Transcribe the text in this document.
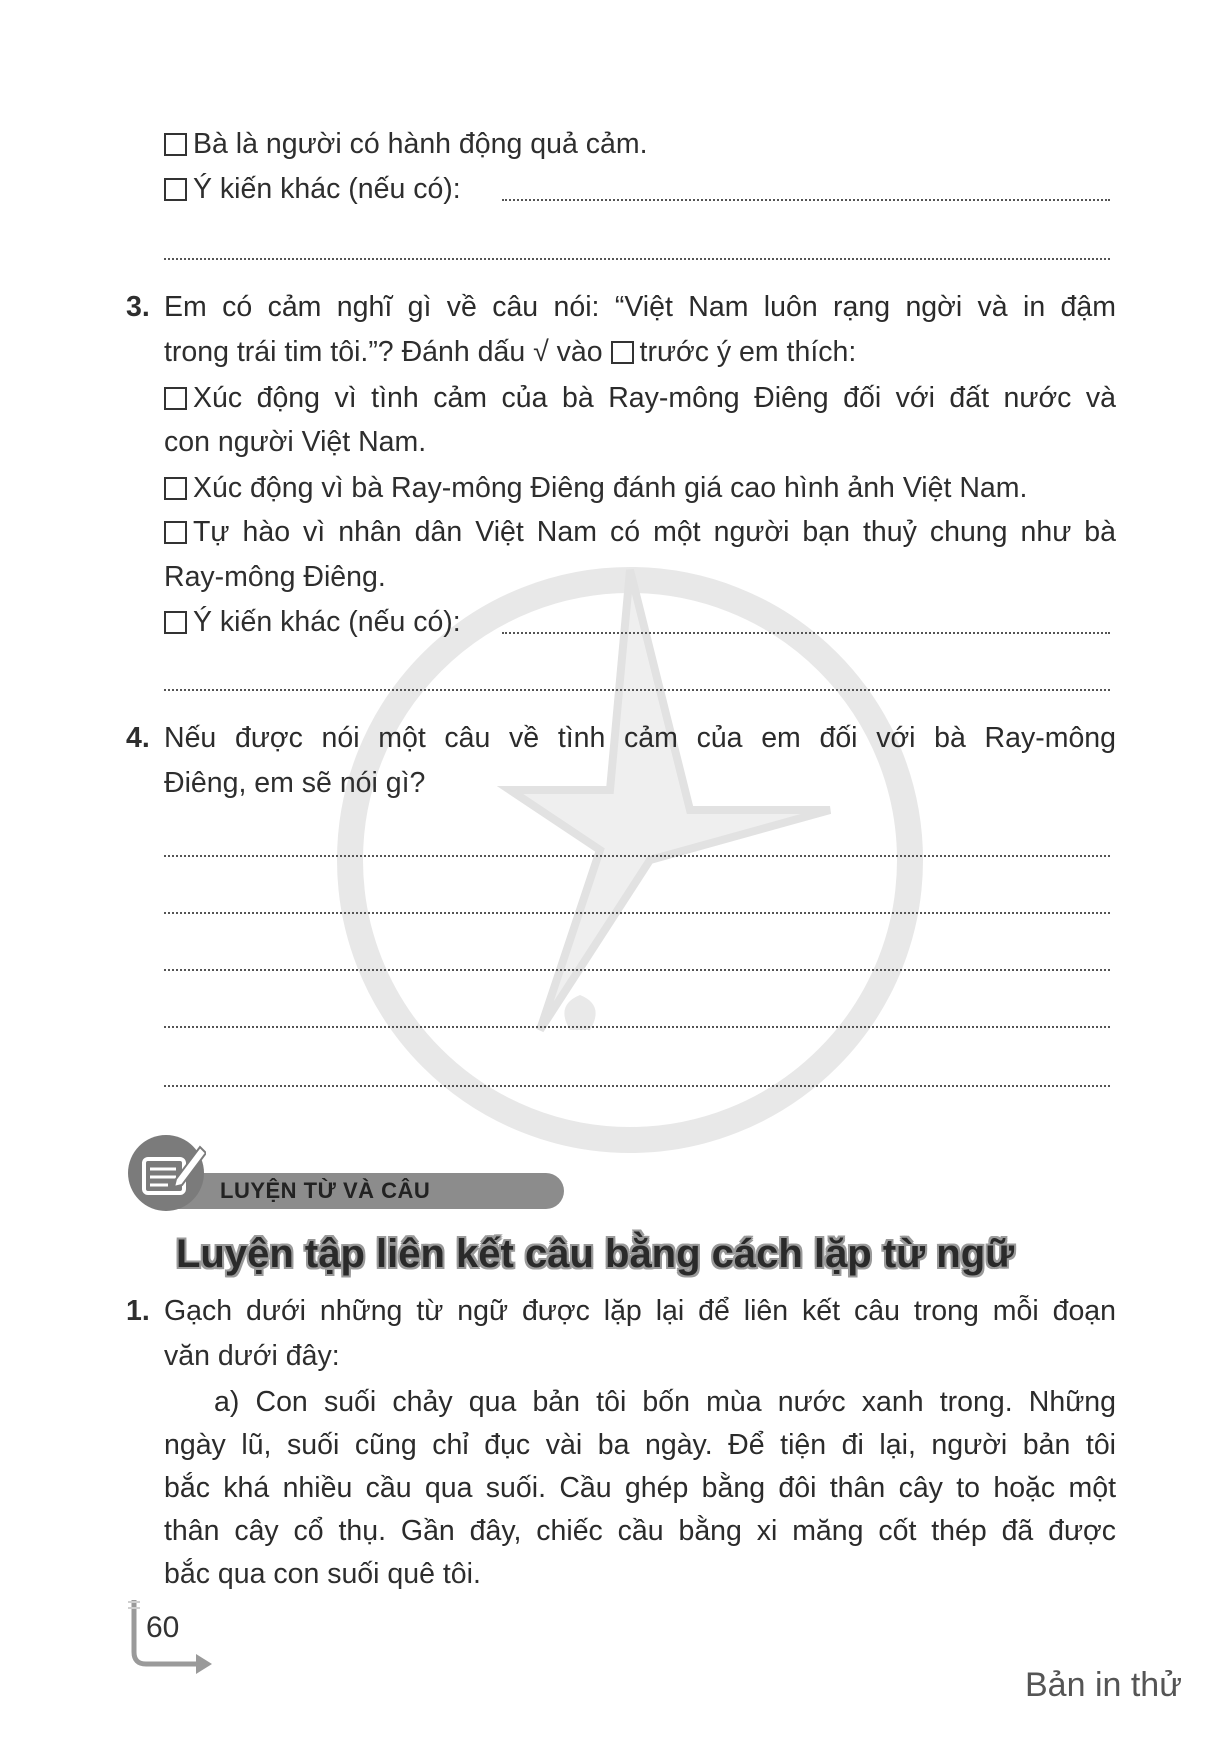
Bà là người có hành động quả cảm.
Ý kiến khác (nếu có):
3. Em có cảm nghĩ gì về câu nói: “Việt Nam luôn rạng ngời và in đậm
trong trái tim tôi.”? Đánh dấu √ vào trước ý em thích:
Xúc động vì tình cảm của bà Ray-mông Điêng đối với đất nước và
con người Việt Nam.
Xúc động vì bà Ray-mông Điêng đánh giá cao hình ảnh Việt Nam.
Tự hào vì nhân dân Việt Nam có một người bạn thuỷ chung như bà
Ray-mông Điêng.
Ý kiến khác (nếu có):
4. Nếu được nói một câu về tình cảm của em đối với bà Ray-mông
Điêng, em sẽ nói gì?
LUYỆN TỪ VÀ CÂU
Luyện tập liên kết câu bằng cách lặp từ ngữ
1. Gạch dưới những từ ngữ được lặp lại để liên kết câu trong mỗi đoạn
văn dưới đây:
a) Con suối chảy qua bản tôi bốn mùa nước xanh trong. Những
ngày lũ, suối cũng chỉ đục vài ba ngày. Để tiện đi lại, người bản tôi
bắc khá nhiều cầu qua suối. Cầu ghép bằng đôi thân cây to hoặc một
thân cây cổ thụ. Gần đây, chiếc cầu bằng xi măng cốt thép đã được
bắc qua con suối quê tôi.
60
Bản in thử
